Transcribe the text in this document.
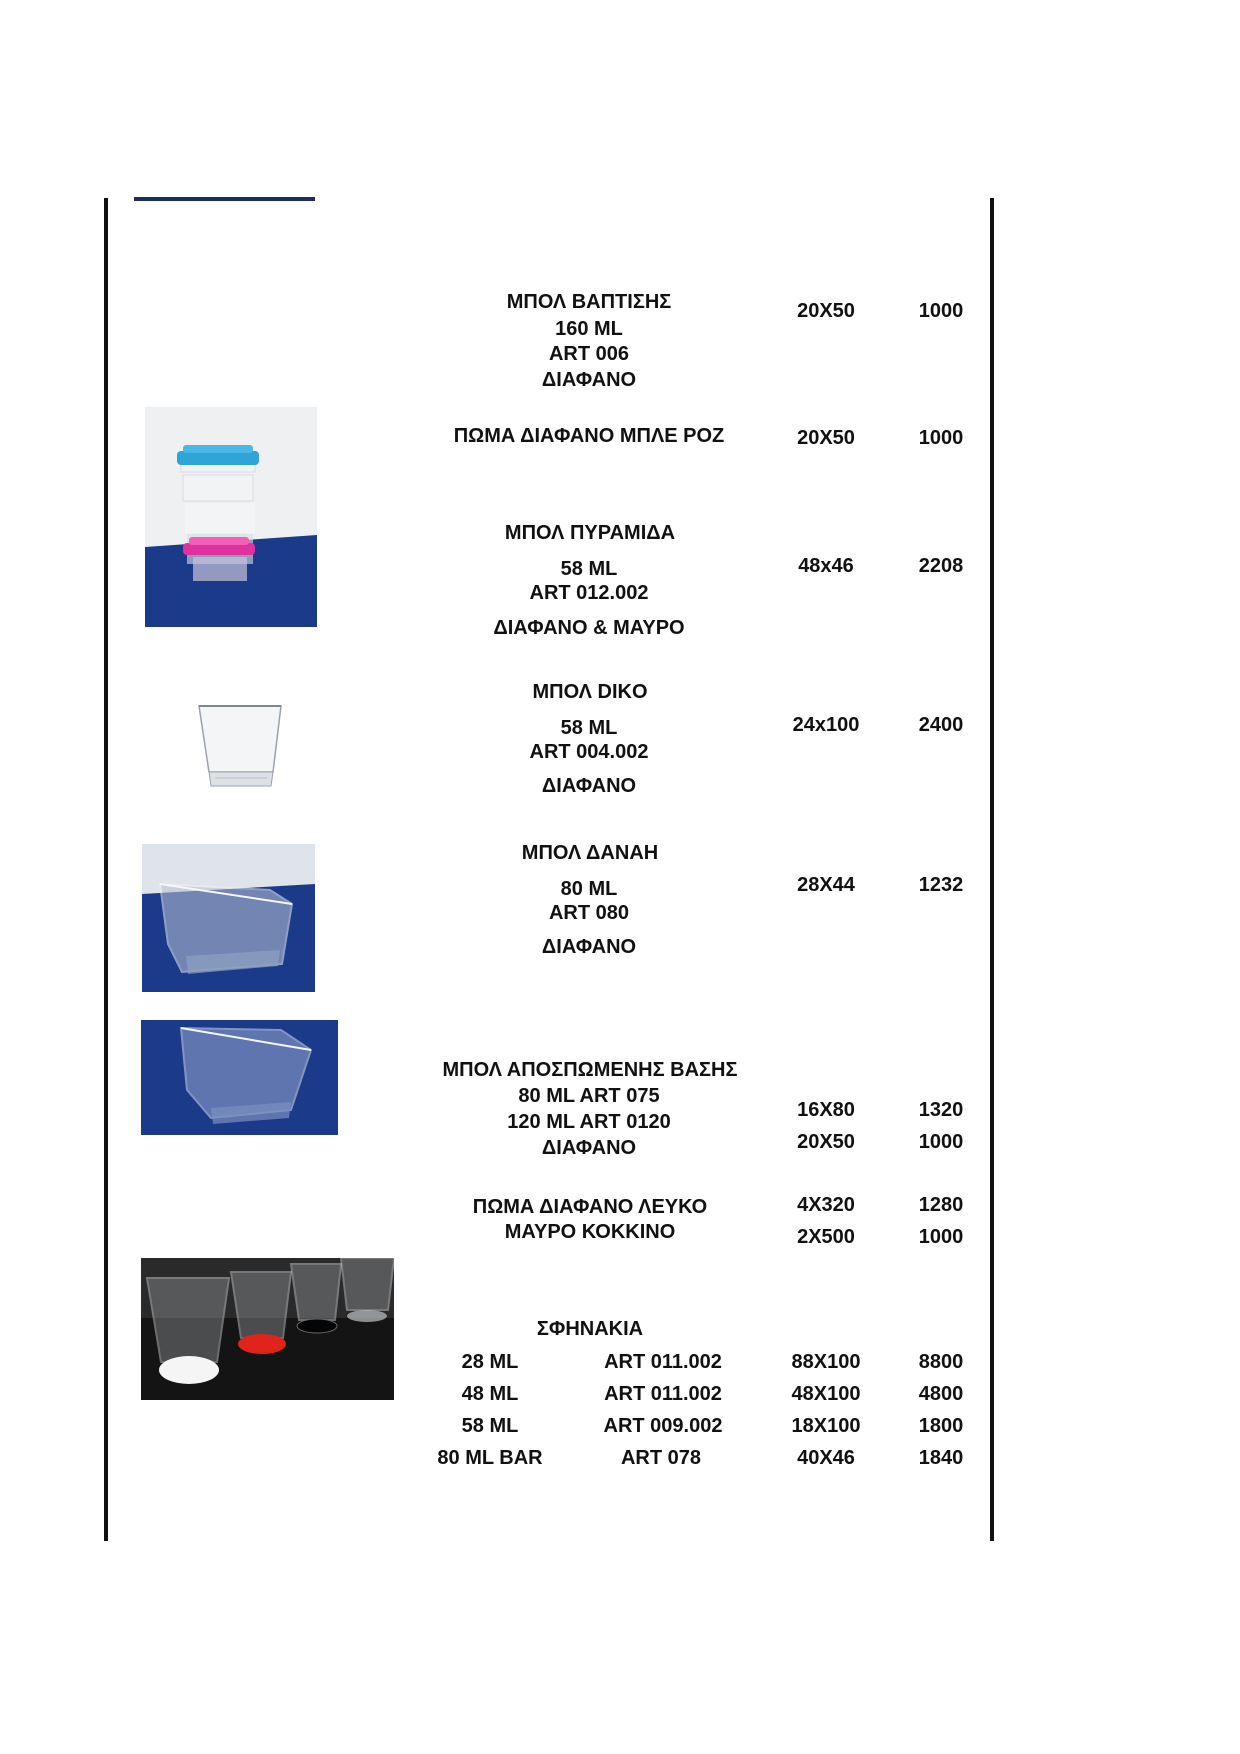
ΜΠΟΛ ΒΑΠΤΙΣΗΣ
160 ML
ART 006
ΔΙΑΦΑΝΟ
20X50	1000
ΠΩΜΑ ΔΙΑΦΑΝΟ ΜΠΛΕ ΡΟΖ	20X50	1000
ΜΠΟΛ ΠΥΡΑΜΙΔΑ
58 ML
ART 012.002
ΔΙΑΦΑΝΟ & ΜΑΥΡΟ
48x46	2208
ΜΠΟΛ DIKO
58 ML
ART 004.002
ΔΙΑΦΑΝΟ
24x100	2400
ΜΠΟΛ ΔΑΝΑΗ
80 ML
ART 080
ΔΙΑΦΑΝΟ
28X44	1232
ΜΠΟΛ ΑΠΟΣΠΩΜΕΝΗΣ ΒΑΣΗΣ
80 ML ART 075
120 ML ART 0120
ΔΙΑΦΑΝΟ
16X80	1320
20X50	1000
ΠΩΜΑ ΔΙΑΦΑΝΟ ΛΕΥΚΟ
ΜΑΥΡΟ ΚΟΚΚΙΝΟ
4X320	1280
2X500	1000
ΣΦΗΝΑΚΙΑ
28 ML	ART 011.002	88X100	8800
48 ML	ART 011.002	48X100	4800
58 ML	ART 009.002	18X100	1800
80 ML BAR	ART 078	40X46	1840
